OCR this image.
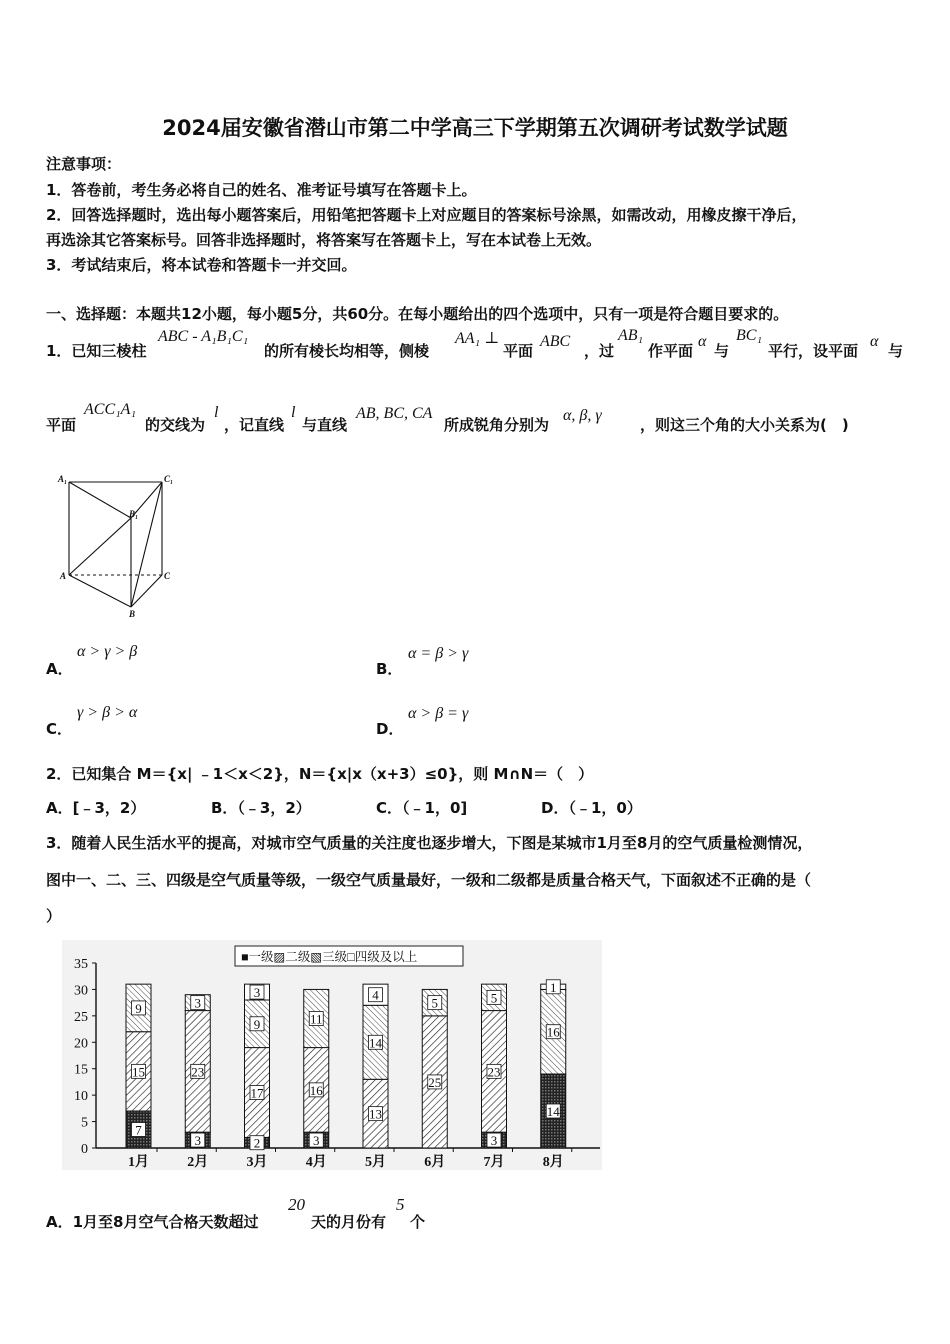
2024届安徽省潜山市第二中学高三下学期第五次调研考试数学试题
注意事项：
1．答卷前，考生务必将自己的姓名、准考证号填写在答题卡上。
2．回答选择题时，选出每小题答案后，用铅笔把答题卡上对应题目的答案标号涂黑，如需改动，用橡皮擦干净后，
再选涂其它答案标号。回答非选择题时，将答案写在答题卡上，写在本试卷上无效。
3．考试结束后，将本试卷和答题卡一并交回。
一、选择题：本题共12小题，每小题5分，共60分。在每小题给出的四个选项中，只有一项是符合题目要求的。
1．已知三棱柱
ABC - A₁B₁C₁
的所有棱长均相等，侧棱
AA₁ ⊥
平面
ABC
，过
AB₁
作平面
α
与
BC₁
平行，设平面
α
与
平面
ACC₁A₁
的交线为
l
，记直线
l
与直线
AB, BC, CA
所成锐角分别为
α, β, γ
，则这三个角的大小关系为(　)
A₁	C₁
B₁
A	C
B
A．
α > γ > β
B．
α = β > γ
C．
γ > β > α
D．
α > β = γ
2．已知集合 M＝{x| ﹣1＜x＜2}，N＝{x|x（x+3）≤0}，则 M∩N＝（　）
A．[﹣3，2）	B．（﹣3，2）	C．（﹣1，0]	D．（﹣1，0）
3．随着人民生活水平的提高，对城市空气质量的关注度也逐步增大，下图是某城市1月至8月的空气质量检测情况，
图中一、二、三、四级是空气质量等级，一级空气质量最好，一级和二级都是质量合格天气，下面叙述不正确的是（
）
0
5
10
15
20
25
30
35
1月	2月	3月	4月	5月	6月	7月	8月
7
15
9
3
23
3
2
17
9
3
3
16
11
13
14
4
25
5
3
23
5
14
16
1
■一级▨二级▧三级□四级及以上
A．1月至8月空气合格天数超过
20
天的月份有
5
个
